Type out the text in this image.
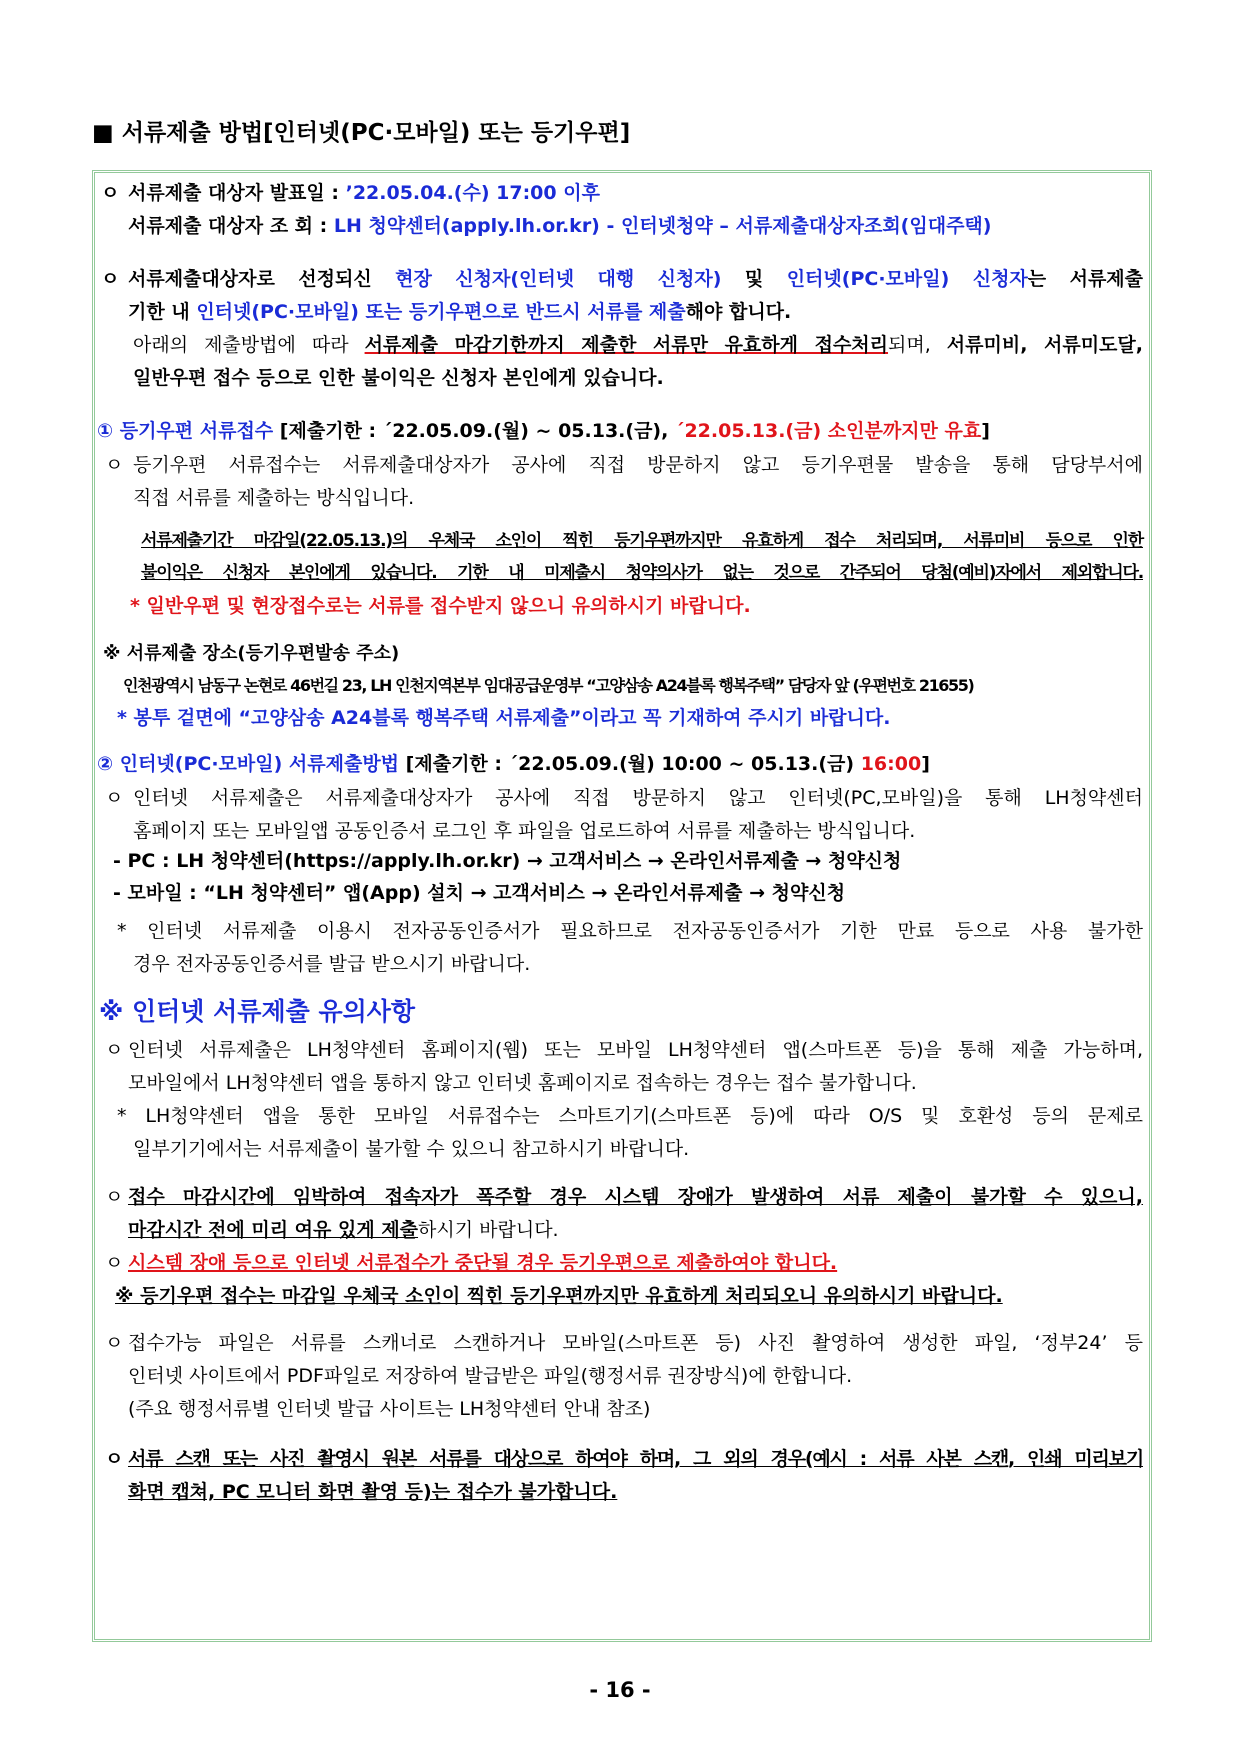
■ 서류제출 방법[인터넷(PC·모바일) 또는 등기우편]
ㅇ 서류제출 대상자 발표일 : ’22.05.04.(수) 17:00 이후
서류제출 대상자 조 회 : LH 청약센터(apply.lh.or.kr) - 인터넷청약 – 서류제출대상자조회(임대주택)
ㅇ 서류제출대상자로 선정되신 현장 신청자(인터넷 대행 신청자) 및 인터넷(PC·모바일) 신청자는 서류제출
기한 내 인터넷(PC·모바일) 또는 등기우편으로 반드시 서류를 제출해야 합니다.
아래의 제출방법에 따라 서류제출 마감기한까지 제출한 서류만 유효하게 접수처리되며, 서류미비, 서류미도달,
일반우편 접수 등으로 인한 불이익은 신청자 본인에게 있습니다.
① 등기우편 서류접수 [제출기한 : ´22.05.09.(월) ~ 05.13.(금), ´22.05.13.(금) 소인분까지만 유효]
ㅇ 등기우편 서류접수는 서류제출대상자가 공사에 직접 방문하지 않고 등기우편물 발송을 통해 담당부서에
직접 서류를 제출하는 방식입니다.
서류제출기간 마감일(22.05.13.)의 우체국 소인이 찍힌 등기우편까지만 유효하게 접수 처리되며, 서류미비 등으로 인한
불이익은 신청자 본인에게 있습니다. 기한 내 미제출시 청약의사가 없는 것으로 간주되어 당첨(예비)자에서 제외합니다.
* 일반우편 및 현장접수로는 서류를 접수받지 않으니 유의하시기 바랍니다.
※ 서류제출 장소(등기우편발송 주소)
인천광역시 남동구 논현로 46번길 23, LH 인천지역본부 임대공급운영부 “고양삼송 A24블록 행복주택” 담당자 앞 (우편번호 21655)
* 봉투 겉면에 “고양삼송 A24블록 행복주택 서류제출”이라고 꼭 기재하여 주시기 바랍니다.
② 인터넷(PC·모바일) 서류제출방법 [제출기한 : ´22.05.09.(월) 10:00 ~ 05.13.(금) 16:00]
ㅇ 인터넷 서류제출은 서류제출대상자가 공사에 직접 방문하지 않고 인터넷(PC,모바일)을 통해 LH청약센터
홈페이지 또는 모바일앱 공동인증서 로그인 후 파일을 업로드하여 서류를 제출하는 방식입니다.
- PC : LH 청약센터(https://apply.lh.or.kr) → 고객서비스 → 온라인서류제출 → 청약신청
- 모바일 : “LH 청약센터” 앱(App) 설치 → 고객서비스 → 온라인서류제출 → 청약신청
* 인터넷 서류제출 이용시 전자공동인증서가 필요하므로 전자공동인증서가 기한 만료 등으로 사용 불가한
경우 전자공동인증서를 발급 받으시기 바랍니다.
※ 인터넷 서류제출 유의사항
ㅇ 인터넷 서류제출은 LH청약센터 홈페이지(웹) 또는 모바일 LH청약센터 앱(스마트폰 등)을 통해 제출 가능하며,
모바일에서 LH청약센터 앱을 통하지 않고 인터넷 홈페이지로 접속하는 경우는 접수 불가합니다.
* LH청약센터 앱을 통한 모바일 서류접수는 스마트기기(스마트폰 등)에 따라 O/S 및 호환성 등의 문제로
일부기기에서는 서류제출이 불가할 수 있으니 참고하시기 바랍니다.
ㅇ 접수 마감시간에 임박하여 접속자가 폭주할 경우 시스템 장애가 발생하여 서류 제출이 불가할 수 있으니,
마감시간 전에 미리 여유 있게 제출하시기 바랍니다.
ㅇ 시스템 장애 등으로 인터넷 서류접수가 중단될 경우 등기우편으로 제출하여야 합니다.
※ 등기우편 접수는 마감일 우체국 소인이 찍힌 등기우편까지만 유효하게 처리되오니 유의하시기 바랍니다.
ㅇ 접수가능 파일은 서류를 스캐너로 스캔하거나 모바일(스마트폰 등) 사진 촬영하여 생성한 파일, ‘정부24’ 등
인터넷 사이트에서 PDF파일로 저장하여 발급받은 파일(행정서류 권장방식)에 한합니다.
(주요 행정서류별 인터넷 발급 사이트는 LH청약센터 안내 참조)
ㅇ 서류 스캔 또는 사진 촬영시 원본 서류를 대상으로 하여야 하며, 그 외의 경우(예시 : 서류 사본 스캔, 인쇄 미리보기
화면 캡쳐, PC 모니터 화면 촬영 등)는 접수가 불가합니다.
- 16 -
